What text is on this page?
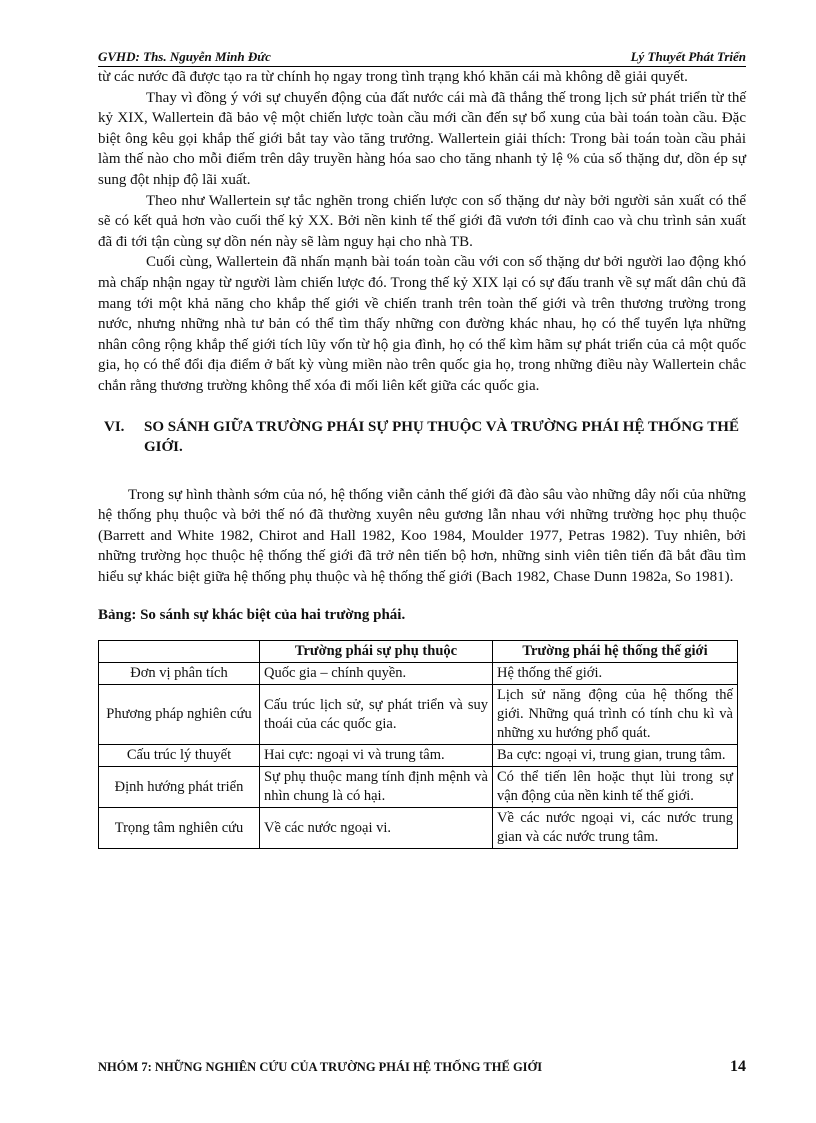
GVHD: Ths. Nguyễn Minh Đức	Lý Thuyết Phát Triển

từ các nước đã được tạo ra từ chính họ ngay trong tình trạng khó khăn cái mà không dễ giải quyết.

Thay vì đồng ý với sự chuyển động của đất nước cái mà đã thắng thế trong lịch sử phát triển từ thế kỷ XIX, Wallertein đã bảo vệ một chiến lược toàn cầu mới cần đến sự bổ xung của bài toán toàn cầu. Đặc biệt ông kêu gọi khắp thế giới bắt tay vào tăng trưởng. Wallertein giải thích: Trong bài toán toàn cầu phải làm thế nào cho mỗi điểm trên dây truyền hàng hóa sao cho tăng nhanh tỷ lệ % của số thặng dư, dồn ép sự sung đột nhịp độ lãi xuất.

Theo như Wallertein sự tắc nghẽn trong chiến lược con số thặng dư này bởi người sản xuất có thể sẽ có kết quả hơn vào cuối thế kỷ XX. Bởi nền kinh tế thế giới đã vươn tới đỉnh cao và chu trình sản xuất đã đi tới tận cùng sự dồn nén này sẽ làm nguy hại cho nhà TB.

Cuối cùng, Wallertein đã nhấn mạnh bài toán toàn cầu với con số thặng dư bởi người lao động khó mà chấp nhận ngay từ người làm chiến lược đó. Trong thế kỷ XIX lại có sự đấu tranh về sự mất dân chủ đã mang tới một khả năng cho khắp thế giới về chiến tranh trên toàn thế giới và trên thương trường trong nước, nhưng những nhà tư bản có thể tìm thấy những con đường khác nhau, họ có thể tuyển lựa những nhân công rộng khắp thế giới tích lũy vốn từ hộ gia đình, họ có thể kìm hãm sự phát triển của cả một quốc gia, họ có thể đổi địa điểm ở bất kỳ vùng miền nào trên quốc gia họ, trong những điều này Wallertein chắc chắn rằng thương trường không thể xóa đi mối liên kết giữa các quốc gia.

VI.	SO SÁNH GIỮA TRƯỜNG PHÁI SỰ PHỤ THUỘC VÀ TRƯỜNG PHÁI HỆ THỐNG THẾ GIỚI.

Trong sự hình thành sớm của nó, hệ thống viễn cảnh thế giới đã đào sâu vào những dây nối của những hệ thống phụ thuộc và bởi thế nó đã thường xuyên nêu gương lẫn nhau với những trường học phụ thuộc (Barrett and White 1982, Chirot and Hall 1982, Koo 1984, Moulder 1977, Petras 1982). Tuy nhiên, bởi những trường học thuộc hệ thống thế giới đã trở nên tiến bộ hơn, những sinh viên tiên tiến đã bắt đầu tìm hiểu sự khác biệt giữa hệ thống phụ thuộc và hệ thống thế giới (Bach 1982, Chase Dunn 1982a, So 1981).

Bảng: So sánh sự khác biệt của hai trường phái.
	Trường phái sự phụ thuộc	Trường phái hệ thống thế giới
Đơn vị phân tích	Quốc gia – chính quyền.	Hệ thống thế giới.
Phương pháp nghiên cứu	Cấu trúc lịch sử, sự phát triển và suy thoái của các quốc gia.	Lịch sử năng động của hệ thống thế giới. Những quá trình có tính chu kì và những xu hướng phổ quát.
Cấu trúc lý thuyết	Hai cực: ngoại vi và trung tâm.	Ba cực: ngoại vi, trung gian, trung tâm.
Định hướng phát triển	Sự phụ thuộc mang tính định mệnh và nhìn chung là có hại.	Có thể tiến lên hoặc thụt lùi trong sự vận động của nền kinh tế thế giới.
Trọng tâm nghiên cứu	Về các nước ngoại vi.	Về các nước ngoại vi, các nước trung gian và các nước trung tâm.
NHÓM 7: NHỮNG NGHIÊN CỨU CỦA TRƯỜNG PHÁI HỆ THỐNG THẾ GIỚI	14
